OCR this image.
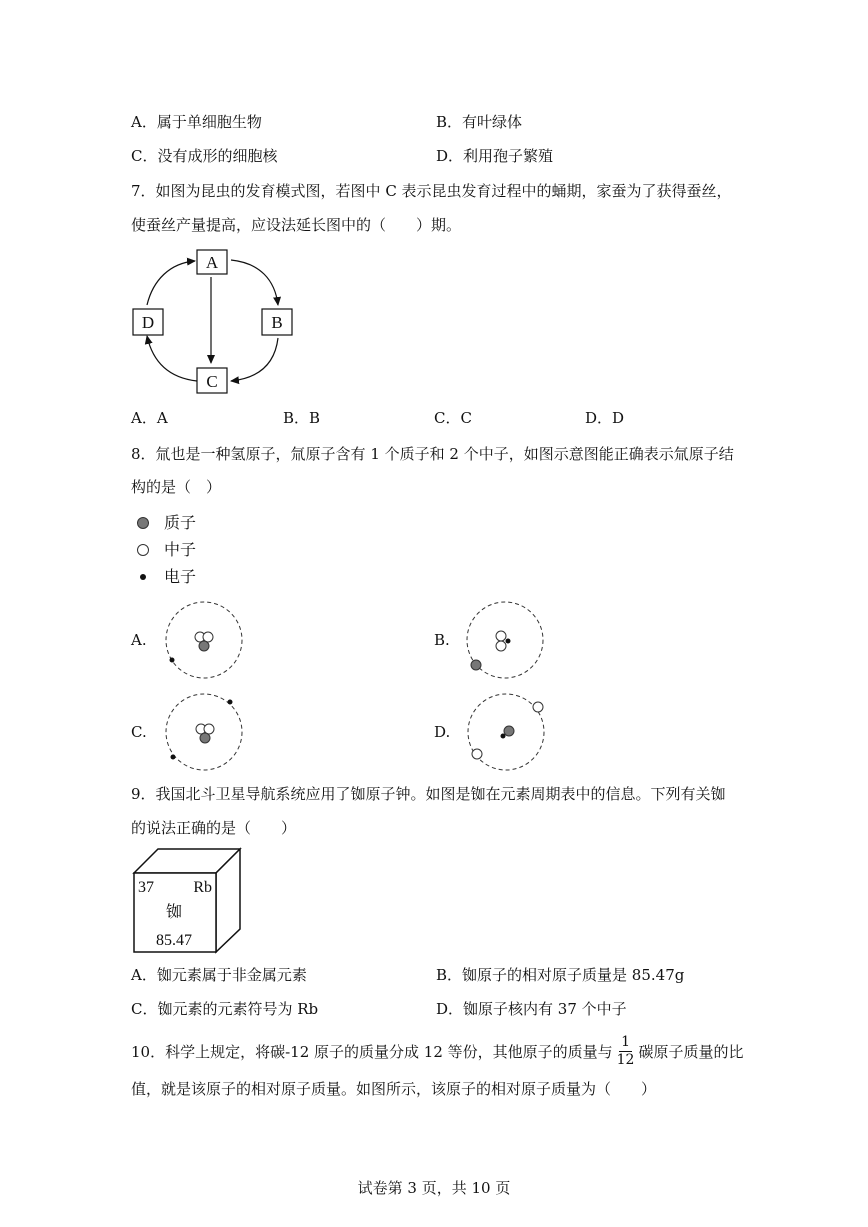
A．属于单细胞生物	B．有叶绿体
C．没有成形的细胞核	D．利用孢子繁殖
7．如图为昆虫的发育模式图，若图中 C 表示昆虫发育过程中的蛹期，家蚕为了获得蚕丝，
使蚕丝产量提高，应设法延长图中的（　　）期。
A
B
C
D
A．A	B．B	C．C	D．D
8．氚也是一种氢原子，氚原子含有 1 个质子和 2 个中子，如图示意图能正确表示氚原子结
构的是（　）
质子
中子
电子
A.	B.
C.	D.
9．我国北斗卫星导航系统应用了铷原子钟。如图是铷在元素周期表中的信息。下列有关铷
的说法正确的是（　　）
37 Rb
铷
85.47
A．铷元素属于非金属元素	B．铷原子的相对原子质量是 85.47g
C．铷元素的元素符号为 Rb	D．铷原子核内有 37 个中子
10．科学上规定，将碳-12 原子的质量分成 12 等份，其他原子的质量与 $\frac{1}{12}$ 碳原子质量的比
值，就是该原子的相对原子质量。如图所示，该原子的相对原子质量为（　　）
试卷第 3 页，共 10 页
